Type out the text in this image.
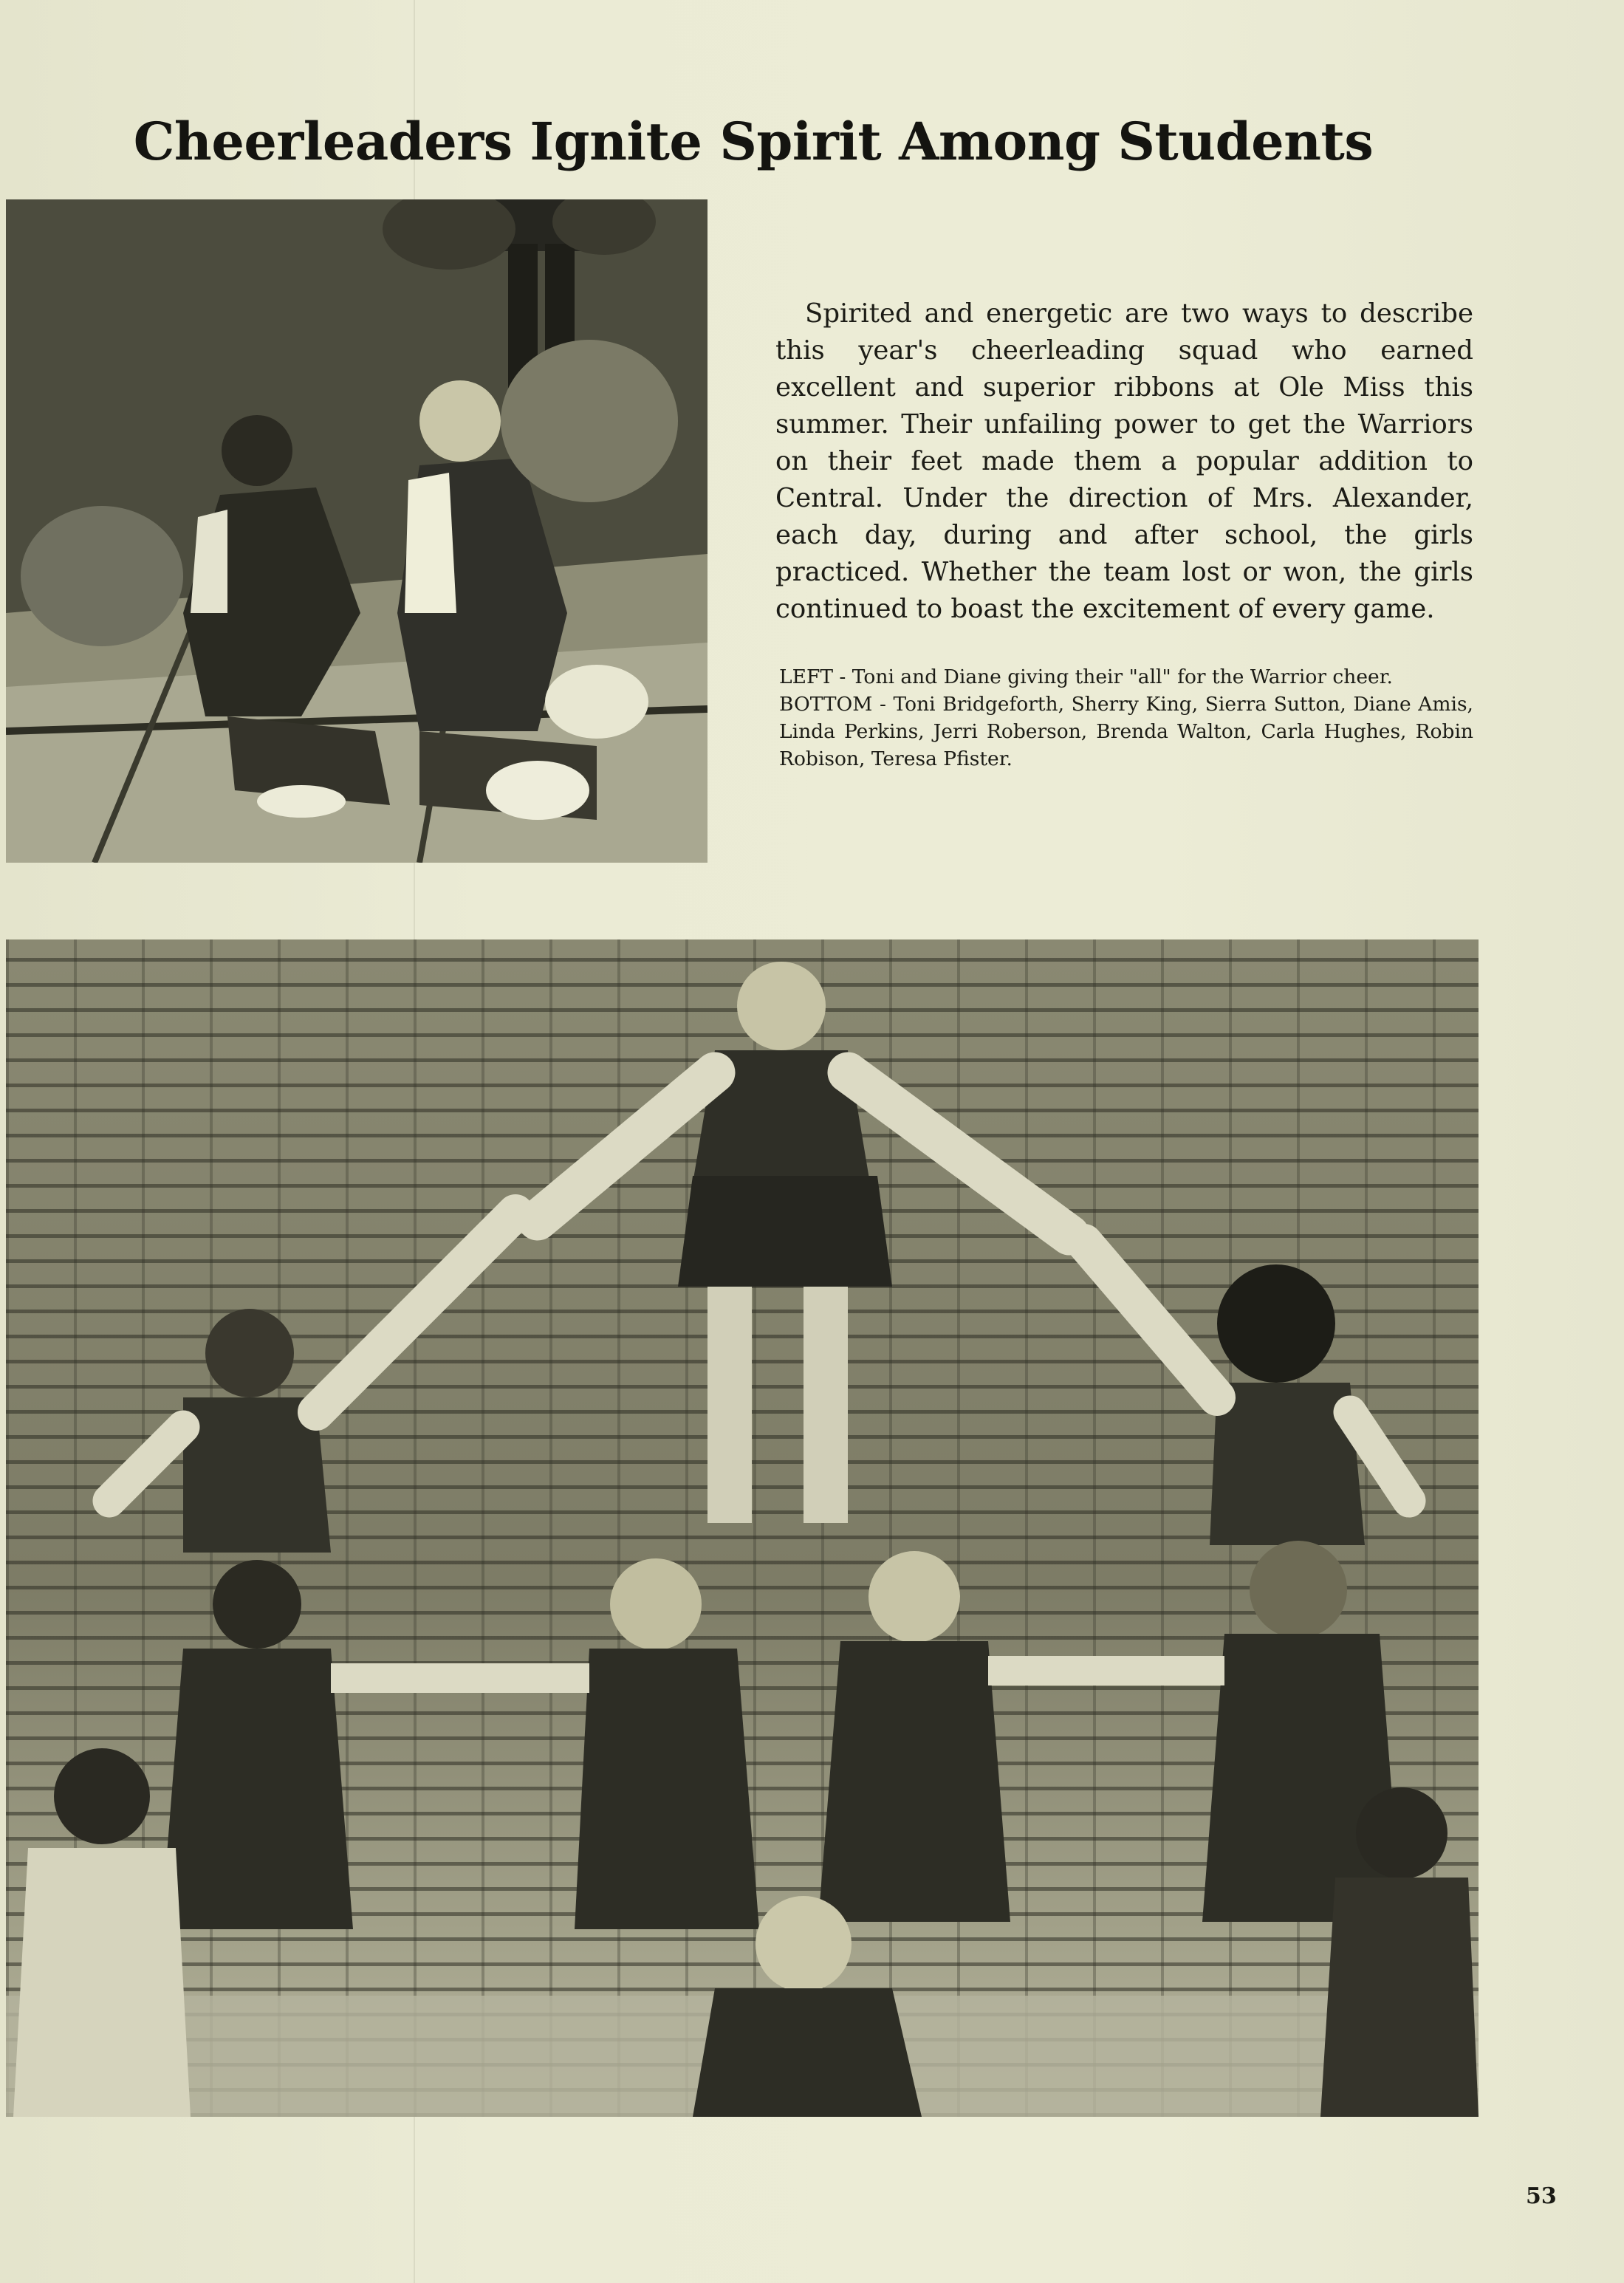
Cheerleaders Ignite Spirit Among Students

Spirited and energetic are two ways to describe this year's cheerleading squad who earned excellent and superior ribbons at Ole Miss this summer. Their unfailing power to get the Warriors on their feet made them a popular addition to Central. Under the direction of Mrs. Alexander, each day, during and after school, the girls practiced. Whether the team lost or won, the girls continued to boast the excitement of every game.

LEFT - Toni and Diane giving their "all" for the Warrior cheer.
BOTTOM - Toni Bridgeforth, Sherry King, Sierra Sutton, Diane Amis, Linda Perkins, Jerri Roberson, Brenda Walton, Carla Hughes, Robin Robison, Teresa Pfister.
53
